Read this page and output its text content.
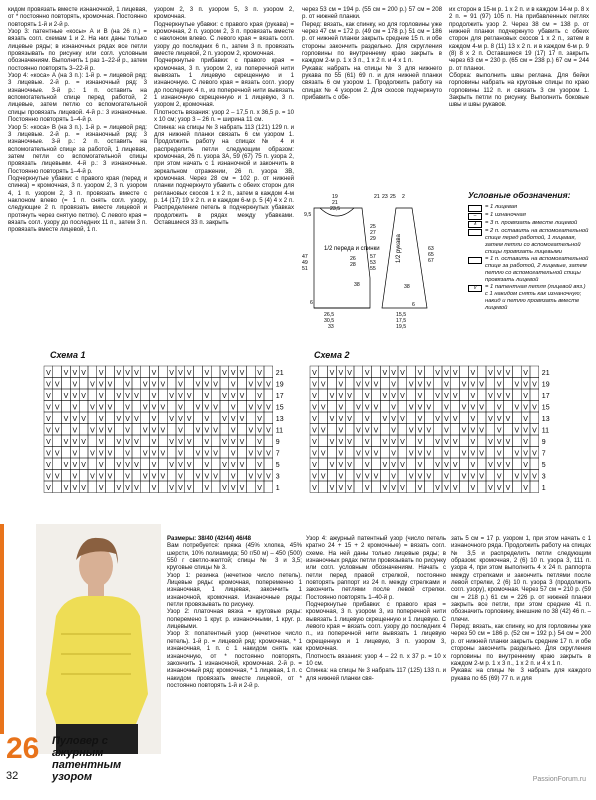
кидом провязать вместе изнаночной, 1 лицевая, от * постоянно повторять, кромочная. Постоянно повторять 1-й и 2-й р.

Узор 3: патентные «косы» А и В (на 26 п.) = вязать согл. схемам 1 и 2. На них даны только лицевые ряды; в изнаночных рядах все петли провязывать по рисунку или согл. условным обозначениям. Выполнить 1 раз 1–22-й р., затем постоянно повторять 3–22-й р.

Узор 4: «коса» А (на 3 п.): 1-й р. = лицевой ряд: 3 лицевые. 2-й р. = изнаночный ряд: 3 изнаночные. 3-й р.: 1 п. оставить на вспомогательной спице перед работой, 2 лицевые, затем петлю со вспомогательной спицы провязать лицевой. 4-й р.: 3 изнаночные. Постоянно повторять 1–4-й р.

Узор 5: «коса» В (на 3 п.). 1-й р. = лицевой ряд: 3 лицевые. 2-й р. = изнаночный ряд: 3 изнаночные. 3-й р.: 2 п. оставить на вспомогательной спице за работой, 1 лицевая, затем петли со вспомогательной спицы провязать лицевыми. 4-й р.: 3 изнаночные. Постоянно повторять 1–4-й р.

Подчеркнутые убавки: с правого края (перед и спинка) = кромочная, 3 п. узором 2, 3 п. узором 4, 1 п. узором 2, 3 п. провязать вместе с наклоном влево (= 1 п. снять согл. узору, следующие 2 п. провязать вместе лицевой и протянуть через снятую петлю). С левого края = вязать согл. узору до последних 11 п., затем 3 п. провязать вместе лицевой, 1 п.

узором 2, 3 п. узором 5, 3 п. узором 2, кромочная.

Подчеркнутые убавки: с правого края (рукава) = кромочная, 2 п. узором 2, 3 п. провязать вместе с наклоном влево. С левого края = вязать согл. узору до последних 6 п., затем 3 п. провязать вместе лицевой, 2 п. узором 2, кромочная.

Подчеркнутые прибавки: с правого края = кромочная, 3 п. узором 2, из поперечной нити вывязать 1 лицевую скрещенную и 1 изнаночную. С левого края = вязать согл. узору до последних 4 п., из поперечной нити вывязать 1 изнаночную скрещенную и 1 лицевую, 3 п. узором 2, кромочная.

Плотность вязания: узор 2 – 17,5 п. x 36,5 р. = 10 x 10 см; узор 3 – 26 п. = ширина 11 см.

Спинка: на спицы № 3 набрать 113 (121) 129 п. и для нижней планки связать 6 см узором 1. Продолжить работу на спицах № 4 и распределить петли следующим образом: кромочная, 26 п. узора 3А, 59 (67) 75 п. узора 2, при этом начать с 1 изнаночной и закончить в зеркальном отражении, 26 п. узора 3В, кромочная. Через 28 см = 102 р. от нижней планки подчеркнуто убавить с обеих сторон для реглановых скосов 1 x 2 п., затем в каждом 4-м р. 14 (17) 19 x 2 п. и в каждом 6-м р. 5 (4) 4 x 2 п. Распределение петель в подчеркнутых убавках продолжить в рядах между убавками. Оставшиеся 33 п. закрыть

через 53 см = 194 р. (55 см = 200 р.) 57 см = 208 р. от нижней планки.

Перед: вязать, как спинку, но для горловины уже через 47 см = 172 р. (49 см = 178 р.) 51 см = 186 р. от нижней планки закрыть средние 15 п. и обе стороны закончить раздельно. Для скругления горловины по внутреннему краю закрыть в каждом 2-м р. 1 x 3 п., 1 x 2 п. и 4 x 1 п.

Рукава: набрать на спицы № 3 для нижнего рукава по 55 (61) 69 п. и для нижней планки связать 6 см узором 1. Продолжить работу на спицах № 4 узором 2. Для скосов подчеркнуто прибавить с обе-

их сторон в 15-м р. 1 x 2 п. и в каждом 14-м р. 8 x 2 п. = 91 (97) 105 п. На прибавленных петлях продолжить узор 2. Через 38 см = 138 р. от нижней планки подчеркнуто убавить с обеих сторон для реглановых скосов 1 x 2 п., затем в каждом 4-м р. 8 (11) 13 x 2 п. и в каждом 6-м р. 9 (8) 8 x 2 п. Оставшиеся 19 (17) 17 п. закрыть через 63 см = 230 р. (65 см = 238 р.) 67 см = 244 р. от планки.

Сборка: выполнить швы реглана. Для бейки горловины набрать на круговые спицы по краю горловины 112 п. и связать 3 см узором 1. Закрыть петли по рисунку. Выполнить боковые швы и швы рукавов.

19
21
23,5
9,5
25
27
29
47
49
51
26
28
57
53
55
26,5
30,5
33
6
21 23 25 2
63
65
67
38
6
15,5
17,5
19,5
38
1/2 переда и спинки	1/2 рукава
Условные обозначения:
= 1 лицевая
–	= 1 изнаночная
∧	= 3 п. провязать вместе лицевой
= 2 п. оставить на вспомогательной спице перед работой, 1 лицевая, затем петли со вспомогательной спицы провязать лицевыми
= 1 п. оставить на вспомогательной спице за работой, 2 лицевые, затем петлю со вспомогательной спицы провязать лицевой
V	= 1 патентная петля (лицевой вяз.) с 1 накидом снять как изнаночную; накид и петлю провязать вместе лицевой
Схема 1
V V V V V V V V V V V V V V V V V 21
V V V V V V V V V V V V V V V V V V 19
V V V V V V V V V V V V V V V V V 17
V V V V V V V V V V V V V V V V V V 15
V V V V V V V V V V V V V V V V V 13
V V V V V V V V V V V V V V V V V V 11
V V V V V V V V V V V V V V V V V 9
V V V V V V V V V V V V V V V V V V 7
V V V V V V V V V V V V V V V V V 5
V V V V V V V V V V V V V V V V V V 3
V V V V V V V V V V V V V V V V V 1
Схема 2
V V V V V V V V V V V V V V V V V 21
V V V V V V V V V V V V V V V V V V 19
V V V V V V V V V V V V V V V V V 17
V V V V V V V V V V V V V V V V V V 15
V V V V V V V V V V V V V V V V V 13
V V V V V V V V V V V V V V V V V V 11
V V V V V V V V V V V V V V V V V 9
V V V V V V V V V V V V V V V V V V 7
V V V V V V V V V V V V V V V V V 5
V V V V V V V V V V V V V V V V V V 3
V V V V V V V V V V V V V V V V V 1
26 Пуловер с ажурным патентным узором

Размеры: 38/40 (42/44) 46/48

Вам потребуется: пряжа (45% хлопка, 45% шерсти, 10% полиамида; 50 г/50 м) – 450 (500) 550 г светло-желтой; спицы № 3 и 3,5; круговые спицы № 3.

Узор 1: резинка (нечетное число петель). Лицевые ряды: кромочная, попеременно 1 изнаночная, 1 лицевая, закончить 1 изнаночной, кромочная. Изнаночные ряды: петли провязывать по рисунку.

Узор 2: платочная вязка = круговые ряды: поперемено 1 круг. р. изнаночными, 1 круг. р. лицевыми.

Узор 3: попатентный узор (нечетное число петель). 1-й р. = лицевой ряд: кромочная, * 1 изнаночная, 1 п. с 1 накидом снять как изнаночную, от * постоянно повторять, закончить 1 изнаночной, кромочная. 2-й р. = изнаночный ряд: кромочная, * 1 лицевая, 1 п. с накидом провязать вместе лицевой, от * постоянно повторять 1-й и 2-й р.

Узор 4: ажурный патентный узор (число петель кратно 24 + 15 + 2 кромочные) = вязать согл. схеме. На ней даны только лицевые ряды; в изнаночных рядах петли провязывать по рисунку или согл. условным обозначениям. Начать с петли перед правой стрелкой, постоянно повторять раппорт из 24 п. между стрелками и закончить петлями после левой стрелки. Постоянно повторять 1–40-й р.

Подчеркнутые прибавки: с правого края = кромочная, 3 п. узором 3, из поперечной нити вывязать 1 лицевую скрещенную и 1 лицевую. С левого края = вязать согл. узору до последних 4 п., из поперечной нити вывязать 1 лицевую скрещенную и 1 лицевую, 3 п. узором 3, кромочная.

Плотность вязания: узор 4 – 22 п. x 37 р. = 10 x 10 см.

Спинка: на спицы № 3 набрать 117 (125) 133 п. и для нижней планки свя-

зать 5 см = 17 р. узором 1, при этом начать с 1 изнаночного ряда. Продолжить работу на спицах № 3,5 и распределить петли следующим образом: кромочная, 2 (6) 10 п. узора 3, 111 п. узора 4, при этом выполнить 4 x 24 п. раппорта между стрелками и закончить петлями после левой стрелки, 2 (6) 10 п. узора 3 (продолжить согл. узору), кромочная. Через 57 см = 210 р. (59 см = 218 р.) 61 см = 226 р. от нижней планки закрыть все петли, при этом средние 41 п. обозначить горловину, внешние по 38 (42) 46 п. – плечи.

Перед: вязать, как спинку, но для горловины уже через 50 см = 186 р. (52 см = 192 р.) 54 см = 200 р. от нижней планки закрыть средние 17 п. и обе стороны закончить раздельно. Для скругления горловины по внутреннему краю закрыть в каждом 2-м р. 1 x 3 п., 1 x 2 п. и 4 x 1 п.

Рукава: на спицы № 3 набрать для каждого рукава по 65 (69) 77 п. и для

32	PassionForum.ru
